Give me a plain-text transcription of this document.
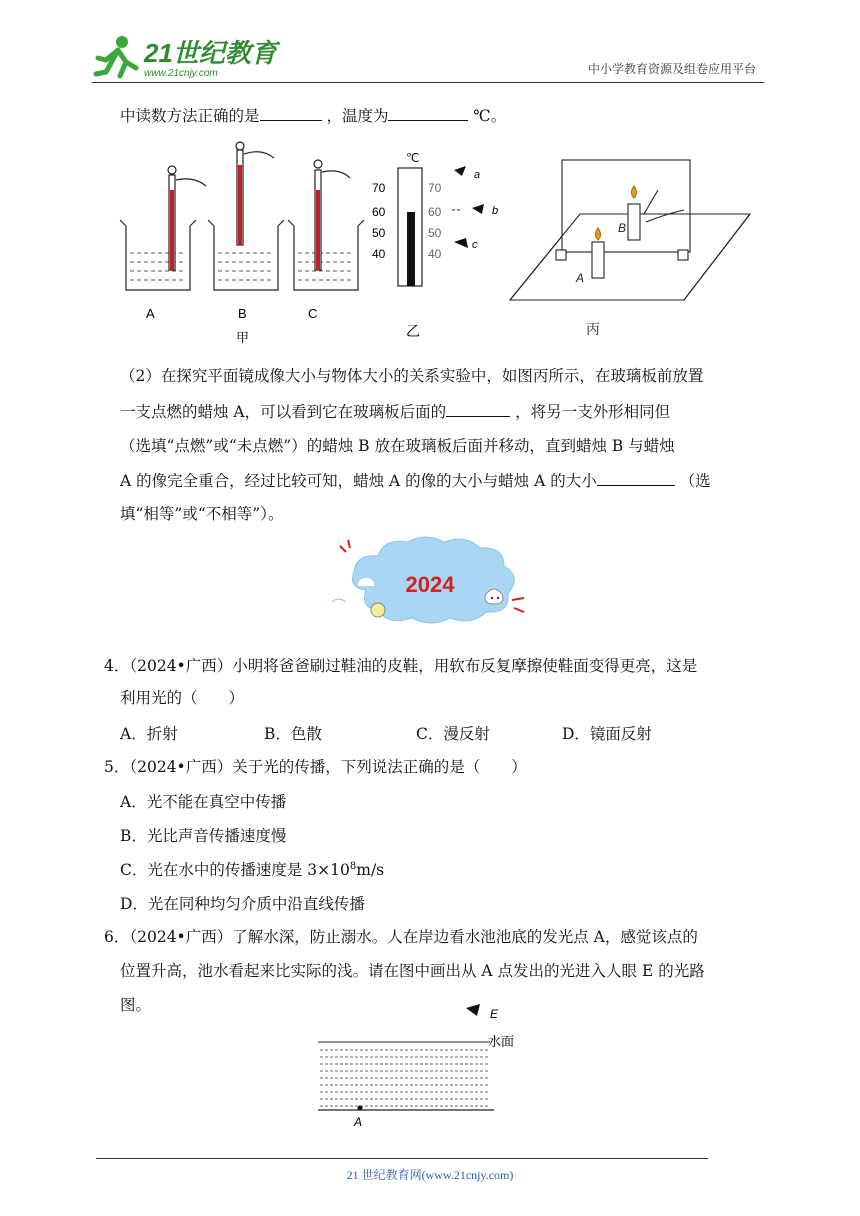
21世纪教育
www.21cnjy.com	中小学教育资源及组卷应用平台
中读数方法正确的是	，温度为	℃。
A	B	C
甲
℃
70
60
50
40
70
60
50
40
a
b
c
乙
A
B
丙
（2）在探究平面镜成像大小与物体大小的关系实验中，如图丙所示，在玻璃板前放置
一支点燃的蜡烛 A，可以看到它在玻璃板后面的	，将另一支外形相同但
（选填“点燃”或“未点燃”）的蜡烛 B 放在玻璃板后面并移动，直到蜡烛 B 与蜡烛
A 的像完全重合，经过比较可知，蜡烛 A 的像的大小与蜡烛 A 的大小	（选
填“相等”或“不相等”）。
2024
4．（2024•广西）小明将爸爸刷过鞋油的皮鞋，用软布反复摩擦使鞋面变得更亮，这是
利用光的（　　）
A．折射	B．色散	C．漫反射	D．镜面反射
5．（2024•广西）关于光的传播，下列说法正确的是（　　）
A．光不能在真空中传播
B．光比声音传播速度慢
C．光在水中的传播速度是 $3\times 10^8m/s$
D．光在同种均匀介质中沿直线传播
6．（2024•广西）了解水深，防止溺水。人在岸边看水池池底的发光点 A，感觉该点的
位置升高，池水看起来比实际的浅。请在图中画出从 A 点发出的光进入人眼 E 的光路
图。	E
水面
A
21 世纪教育网(www.21cnjy.com)
